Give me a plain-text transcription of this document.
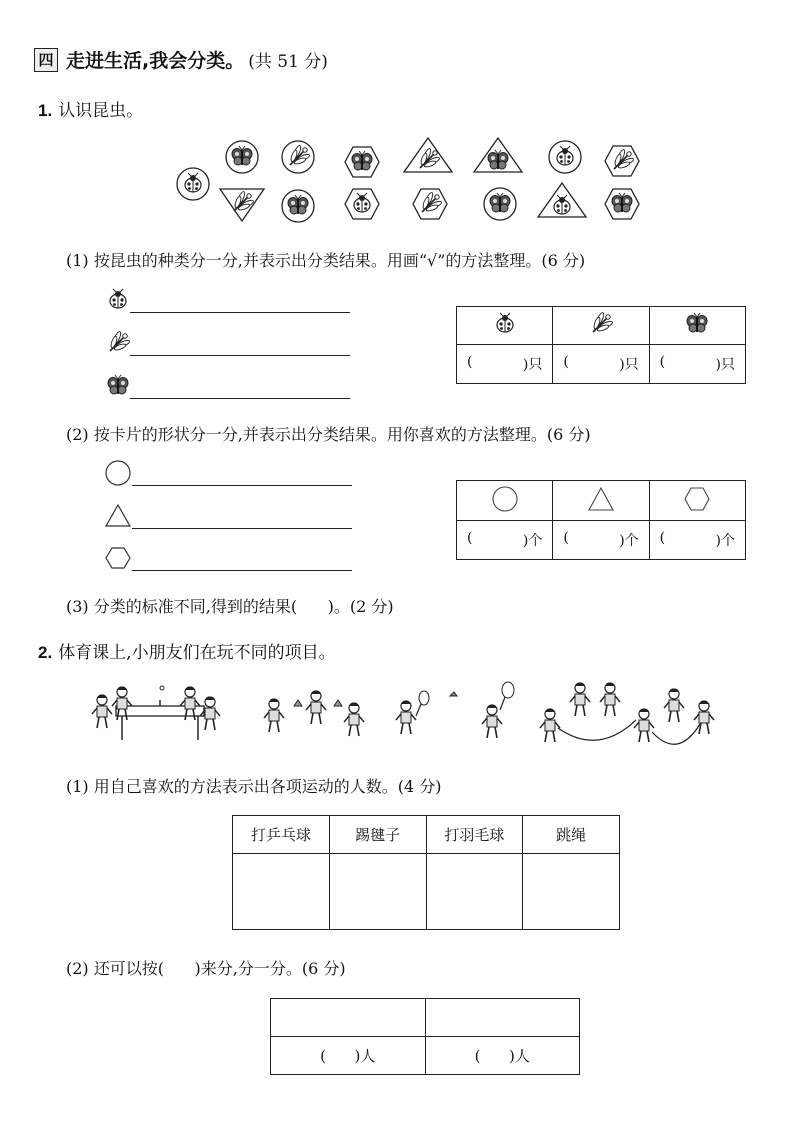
四 走进生活,我会分类。 (共 51 分)
1. 认识昆虫。
(1) 按昆虫的种类分一分,并表示出分类结果。用画“√”的方法整理。(6 分)

( )只	( )只	( )只
(2) 按卡片的形状分一分,并表示出分类结果。用你喜欢的方法整理。(6 分)

( )个	( )个	( )个
(3) 分类的标准不同,得到的结果(      )。(2 分)
2. 体育课上,小朋友们在玩不同的项目。
(1) 用自己喜欢的方法表示出各项运动的人数。(4 分)
打乒乓球	踢毽子	打羽毛球	跳绳

(2) 还可以按(      )来分,分一分。(6 分)

(      )人	(      )人
